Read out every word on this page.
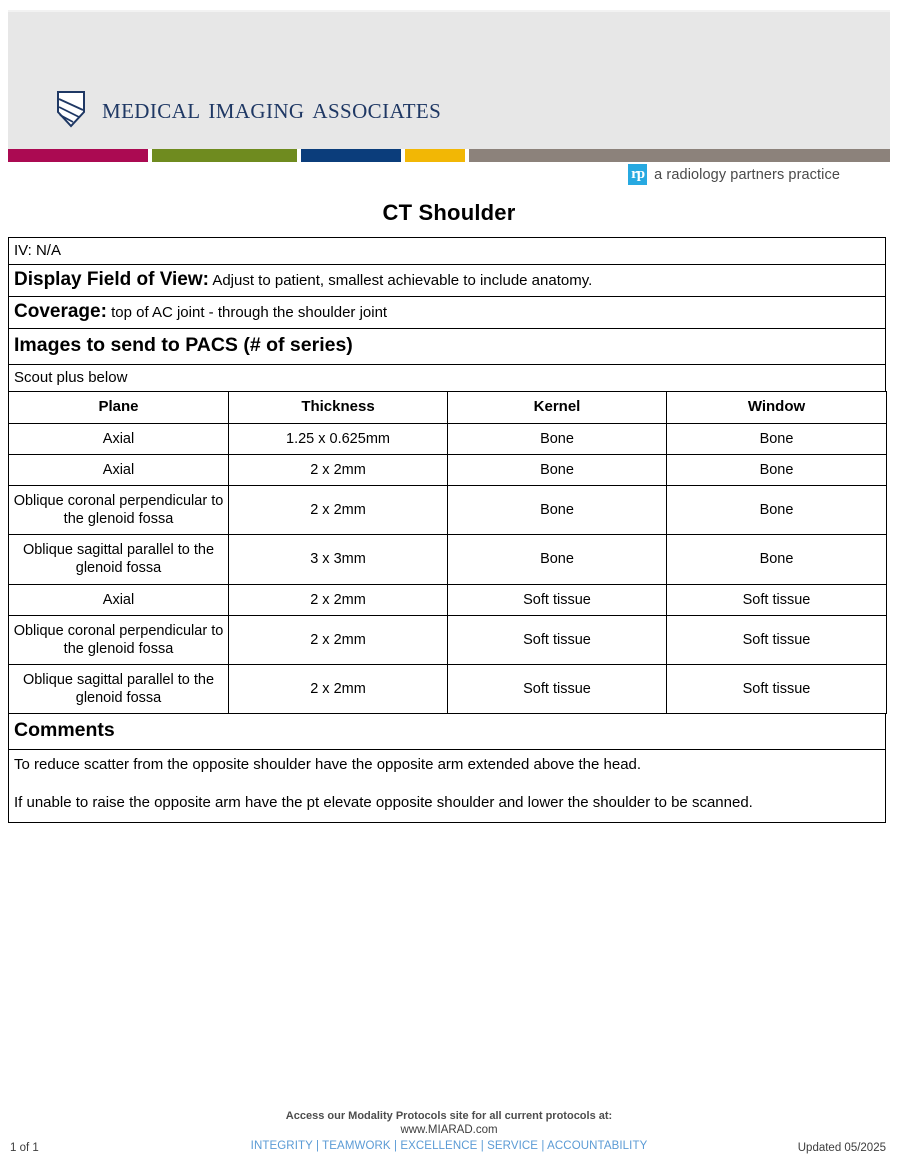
medical imaging associates
rp a radiology partners practice
CT Shoulder
IV: N/A

Display Field of View: Adjust to patient, smallest achievable to include anatomy.

Coverage: top of AC joint - through the shoulder joint

Images to send to PACS (# of series)

Scout plus below
Plane	Thickness	Kernel	Window
Axial	1.25 x 0.625mm	Bone	Bone
Axial	2 x 2mm	Bone	Bone
Oblique coronal perpendicular to the glenoid fossa	2 x 2mm	Bone	Bone
Oblique sagittal parallel to the glenoid fossa	3 x 3mm	Bone	Bone
Axial	2 x 2mm	Soft tissue	Soft tissue
Oblique coronal perpendicular to the glenoid fossa	2 x 2mm	Soft tissue	Soft tissue
Oblique sagittal parallel to the glenoid fossa	2 x 2mm	Soft tissue	Soft tissue
Comments

To reduce scatter from the opposite shoulder have the opposite arm extended above the head.

If unable to raise the opposite arm have the pt elevate opposite shoulder and lower the shoulder to be scanned.

Access our Modality Protocols site for all current protocols at:
www.MIARAD.com
INTEGRITY | TEAMWORK | EXCELLENCE | SERVICE | ACCOUNTABILITY
1 of 1	Updated 05/2025
